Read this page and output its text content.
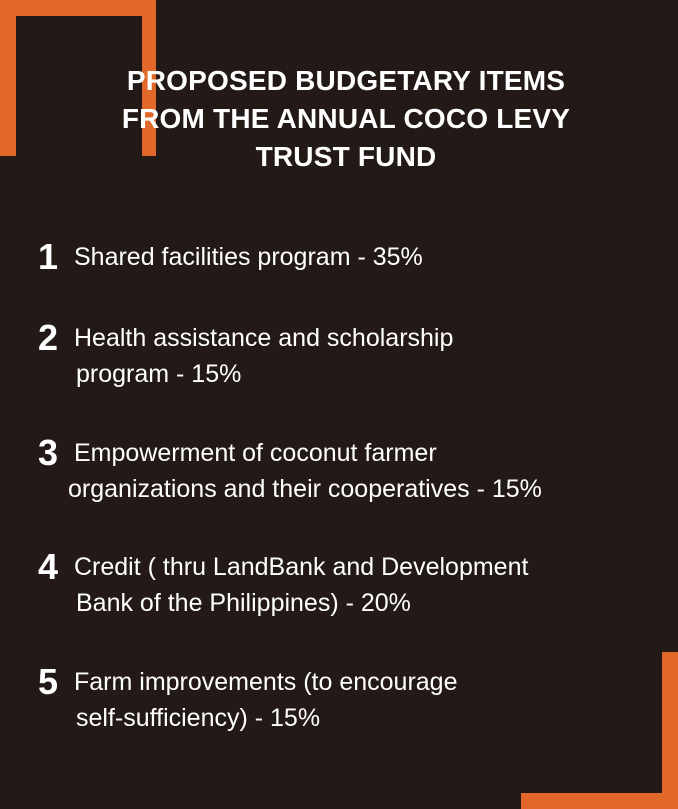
PROPOSED BUDGETARY ITEMS
FROM THE ANNUAL COCO LEVY
TRUST FUND
1 Shared facilities program - 35%
2 Health assistance and scholarship
program - 15%
3 Empowerment of coconut farmer
organizations and their cooperatives - 15%
4 Credit ( thru LandBank and Development
Bank of the Philippines) - 20%
5 Farm improvements (to encourage
self-sufficiency) - 15%
